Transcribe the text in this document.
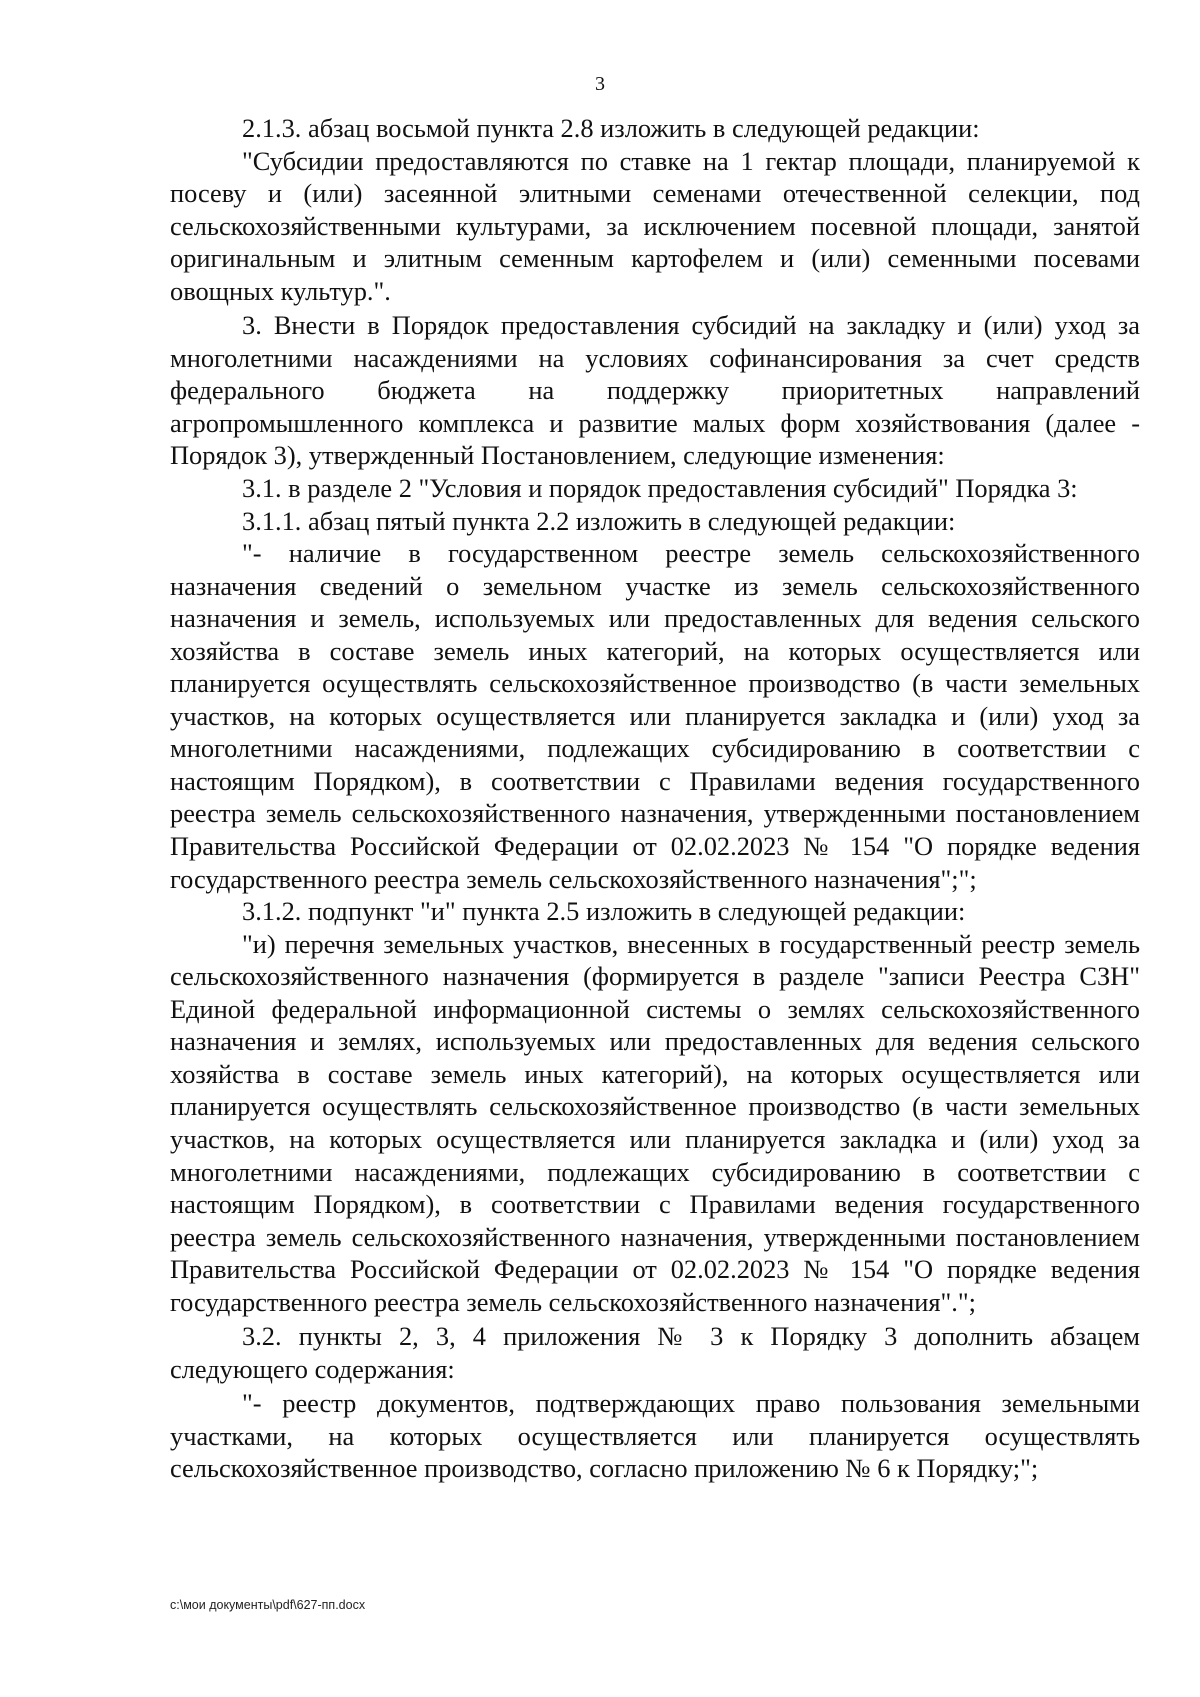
3

2.1.3. абзац восьмой пункта 2.8 изложить в следующей редакции:

"Субсидии предоставляются по ставке на 1 гектар площади, планируемой к посеву и (или) засеянной элитными семенами отечественной селекции, под сельскохозяйственными культурами, за исключением посевной площади, занятой оригинальным и элитным семенным картофелем и (или) семенными посевами овощных культур.".

3. Внести в Порядок предоставления субсидий на закладку и (или) уход за многолетними насаждениями на условиях софинансирования за счет средств федерального бюджета на поддержку приоритетных направлений агропромышленного комплекса и развитие малых форм хозяйствования (далее - Порядок 3), утвержденный Постановлением, следующие изменения:

3.1. в разделе 2 "Условия и порядок предоставления субсидий" Порядка 3:

3.1.1. абзац пятый пункта 2.2 изложить в следующей редакции:

"- наличие в государственном реестре земель сельскохозяйственного назначения сведений о земельном участке из земель сельскохозяйственного назначения и земель, используемых или предоставленных для ведения сельского хозяйства в составе земель иных категорий, на которых осуществляется или планируется осуществлять сельскохозяйственное производство (в части земельных участков, на которых осуществляется или планируется закладка и (или) уход за многолетними насаждениями, подлежащих субсидированию в соответствии с настоящим Порядком), в соответствии с Правилами ведения государственного реестра земель сельскохозяйственного назначения, утвержденными постановлением Правительства Российской Федерации от 02.02.2023 № 154 "О порядке ведения государственного реестра земель сельскохозяйственного назначения";";

3.1.2. подпункт "и" пункта 2.5 изложить в следующей редакции:

"и) перечня земельных участков, внесенных в государственный реестр земель сельскохозяйственного назначения (формируется в разделе "записи Реестра СЗН" Единой федеральной информационной системы о землях сельскохозяйственного назначения и землях, используемых или предоставленных для ведения сельского хозяйства в составе земель иных категорий), на которых осуществляется или планируется осуществлять сельскохозяйственное производство (в части земельных участков, на которых осуществляется или планируется закладка и (или) уход за многолетними насаждениями, подлежащих субсидированию в соответствии с настоящим Порядком), в соответствии с Правилами ведения государственного реестра земель сельскохозяйственного назначения, утвержденными постановлением Правительства Российской Федерации от 02.02.2023 № 154 "О порядке ведения государственного реестра земель сельскохозяйственного назначения".";

3.2. пункты 2, 3, 4 приложения № 3 к Порядку 3 дополнить абзацем следующего содержания:

"- реестр документов, подтверждающих право пользования земельными участками, на которых осуществляется или планируется осуществлять сельскохозяйственное производство, согласно приложению № 6 к Порядку;";

c:\мои документы\pdf\627-пп.docx
